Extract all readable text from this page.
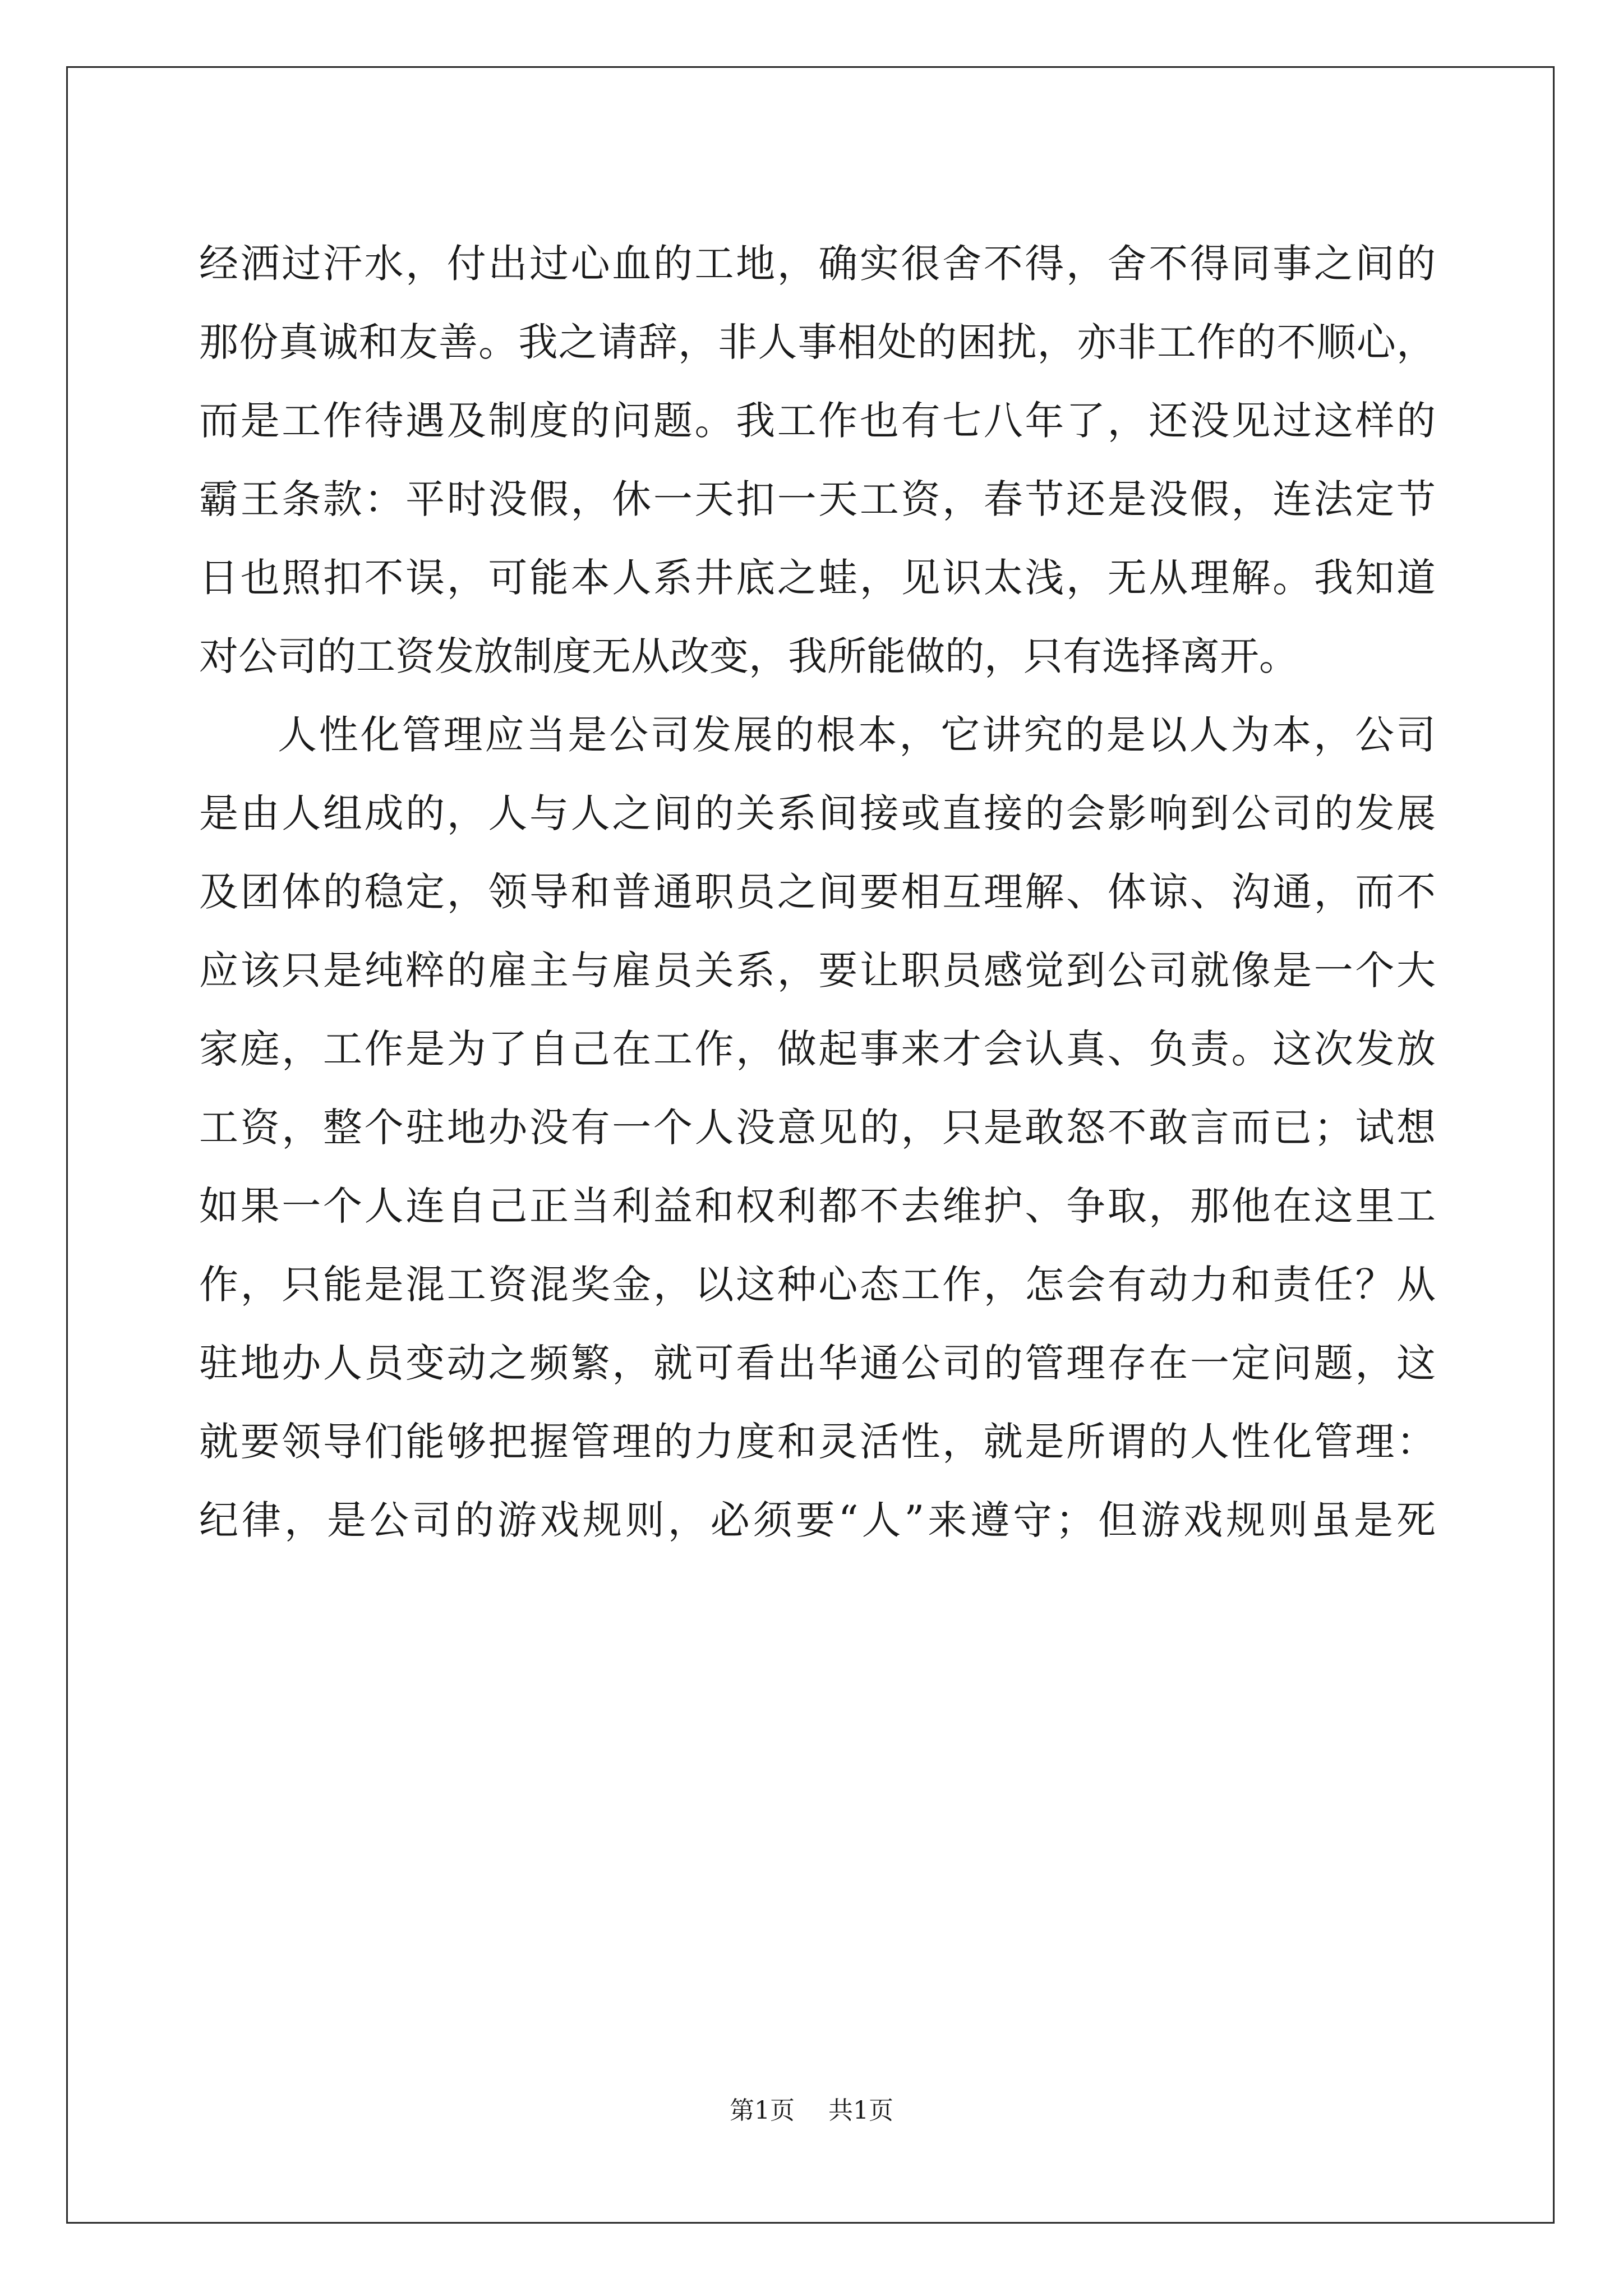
经洒过汗水，付出过心血的工地，确实很舍不得，舍不得同事之间的
那份真诚和友善。我之请辞，非人事相处的困扰，亦非工作的不顺心，
而是工作待遇及制度的问题。我工作也有七八年了，还没见过这样的
霸王条款：平时没假，休一天扣一天工资，春节还是没假，连法定节
日也照扣不误，可能本人系井底之蛙，见识太浅，无从理解。我知道
对公司的工资发放制度无从改变，我所能做的，只有选择离开。
人性化管理应当是公司发展的根本，它讲究的是以人为本，公司
是由人组成的，人与人之间的关系间接或直接的会影响到公司的发展
及团体的稳定，领导和普通职员之间要相互理解、体谅、沟通，而不
应该只是纯粹的雇主与雇员关系，要让职员感觉到公司就像是一个大
家庭，工作是为了自己在工作，做起事来才会认真、负责。这次发放
工资，整个驻地办没有一个人没意见的，只是敢怒不敢言而已；试想
如果一个人连自己正当利益和权利都不去维护、争取，那他在这里工
作，只能是混工资混奖金，以这种心态工作，怎会有动力和责任？从
驻地办人员变动之频繁，就可看出华通公司的管理存在一定问题，这
就要领导们能够把握管理的力度和灵活性，就是所谓的人性化管理：
纪律，是公司的游戏规则，必须要“人”来遵守；但游戏规则虽是死
第1页 共1页
